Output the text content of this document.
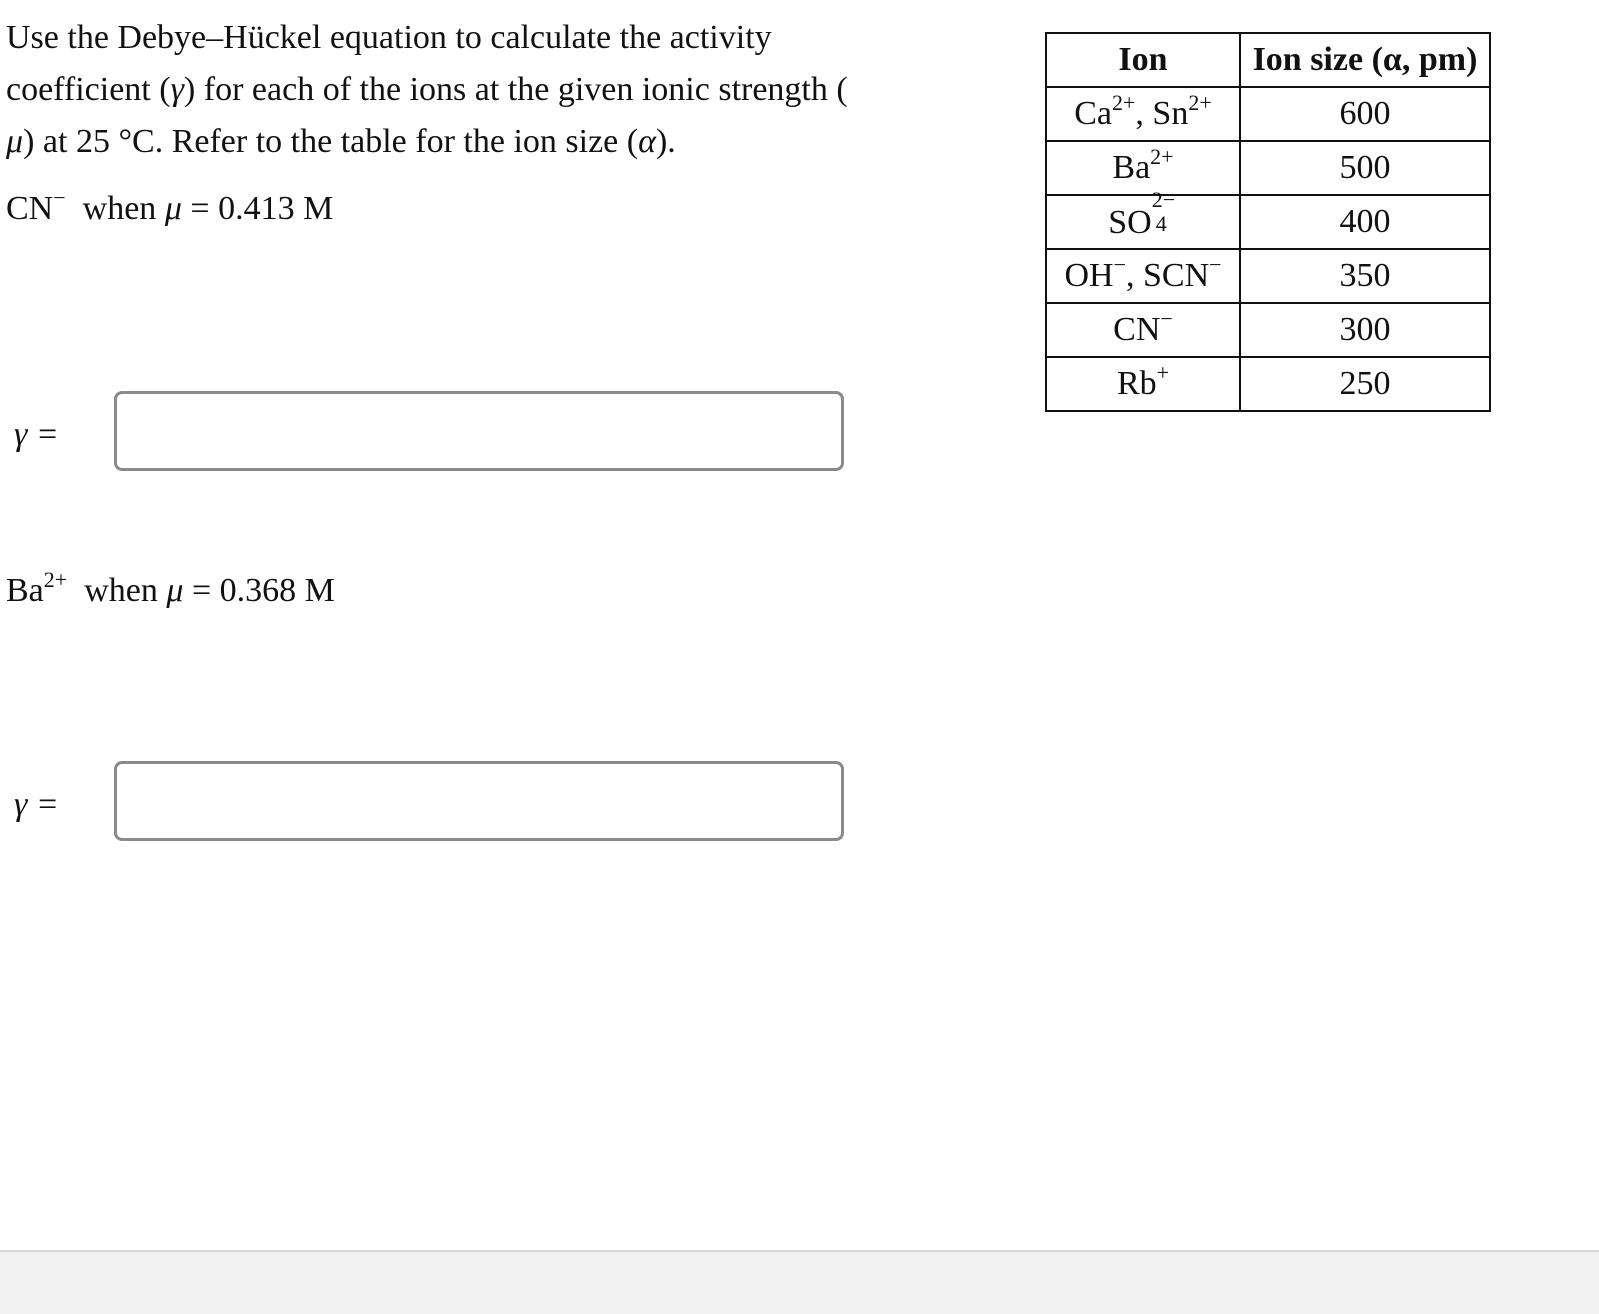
Use the Debye–Hückel equation to calculate the activity
coefficient (γ) for each of the ions at the given ionic strength (
μ) at 25 °C. Refer to the table for the ion size (α).
CN− when μ = 0.413 M
γ =
$Ba^{2+}$ when μ = 0.368 M
γ =
Ion	Ion size (α, pm)
$Ca^{2+}$, $Sn^{2+}$	600
$Ba^{2+}$	500
SO
2−
4	400
OH−, SCN−	350
CN−	300
Rb+	250
